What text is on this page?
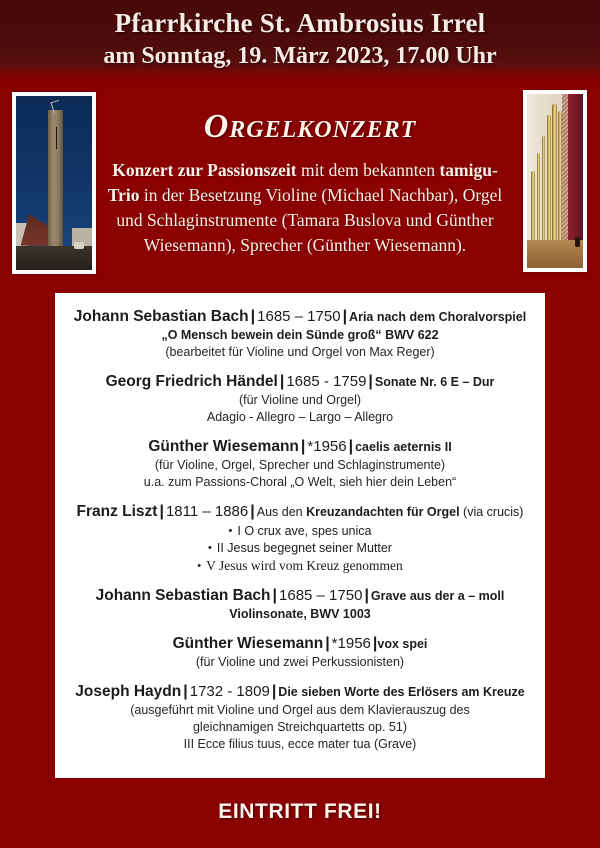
Pfarrkirche St. Ambrosius Irrel
am Sonntag, 19. März 2023, 17.00 Uhr
Orgelkonzert
Konzert zur Passionszeit mit dem bekannten tamigu-Trio in der Besetzung Violine (Michael Nachbar), Orgel und Schlaginstrumente (Tamara Buslova und Günther Wiesemann), Sprecher (Günther Wiesemann).
Johann Sebastian Bach | 1685 – 1750 | Aria nach dem Choralvorspiel
„O Mensch bewein dein Sünde groß“ BWV 622
(bearbeitet für Violine und Orgel von Max Reger)
Georg Friedrich Händel | 1685 - 1759 | Sonate Nr. 6 E – Dur
(für Violine und Orgel)
Adagio - Allegro – Largo – Allegro
Günther Wiesemann | *1956 | caelis aeternis II
(für Violine, Orgel, Sprecher und Schlaginstrumente)
u.a. zum Passions-Choral „O Welt, sieh hier dein Leben“
Franz Liszt | 1811 – 1886 | Aus den Kreuzandachten für Orgel (via crucis)
• I O crux ave, spes unica
• II Jesus begegnet seiner Mutter
• V Jesus wird vom Kreuz genommen
Johann Sebastian Bach | 1685 – 1750 | Grave aus der a – moll
Violinsonate, BWV 1003
Günther Wiesemann | *1956 |vox spei
(für Violine und zwei Perkussionisten)
Joseph Haydn | 1732 - 1809 | Die sieben Worte des Erlösers am Kreuze
(ausgeführt mit Violine und Orgel aus dem Klavierauszug des
gleichnamigen Streichquartetts op. 51)
III Ecce filius tuus, ecce mater tua (Grave)
EINTRITT FREI!
